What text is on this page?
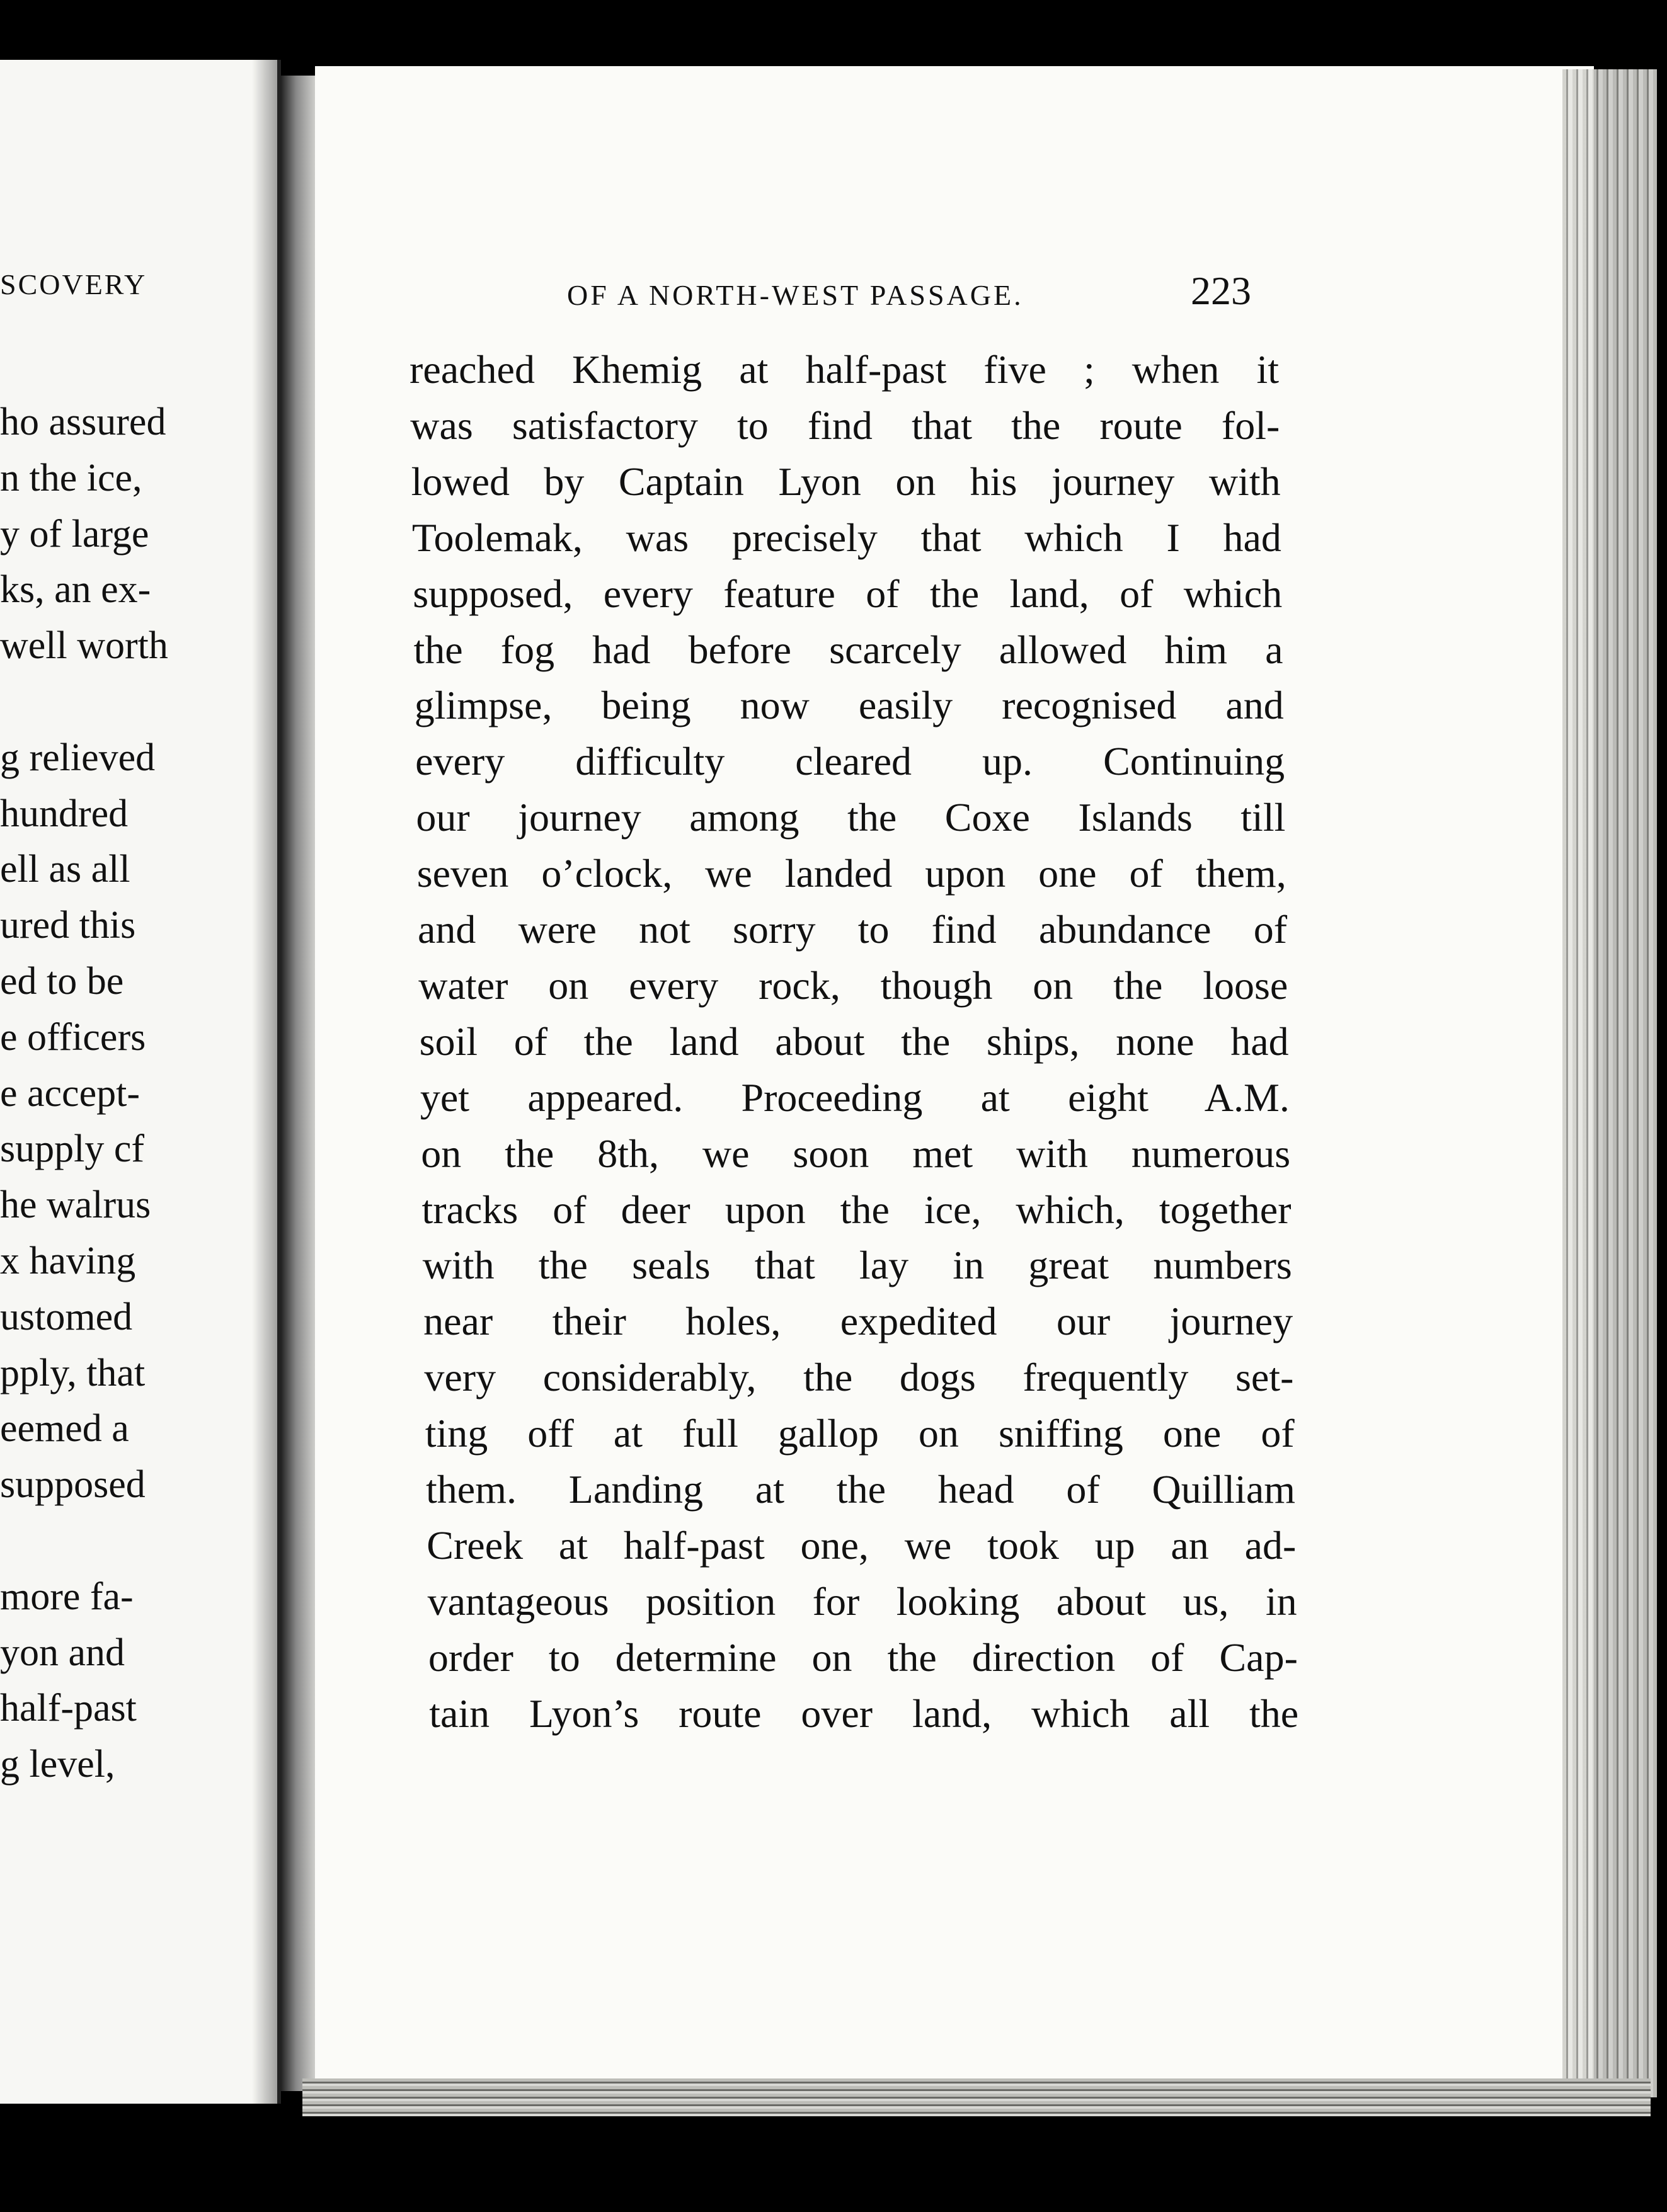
SCOVERY
ho assured
n the ice,
y of large
ks, an ex-
well worth
g relieved
hundred
ell as all
ured this
ed to be
e officers
e accept-
supply cf
he walrus
x having
ustomed
pply, that
eemed a
supposed
more fa-
yon and
half-past
g level,
OF A NORTH-WEST PASSAGE.	223
reached Khemig at half-past five ; when it
was satisfactory to find that the route fol-
lowed by Captain Lyon on his journey with
Toolemak, was precisely that which I had
supposed, every feature of the land, of which
the fog had before scarcely allowed him a
glimpse, being now easily recognised and
every difficulty cleared up. Continuing
our journey among the Coxe Islands till
seven o’clock, we landed upon one of them,
and were not sorry to find abundance of
water on every rock, though on the loose
soil of the land about the ships, none had
yet appeared. Proceeding at eight A.M.
on the 8th, we soon met with numerous
tracks of deer upon the ice, which, together
with the seals that lay in great numbers
near their holes, expedited our journey
very considerably, the dogs frequently set-
ting off at full gallop on sniffing one of
them. Landing at the head of Quilliam
Creek at half-past one, we took up an ad-
vantageous position for looking about us, in
order to determine on the direction of Cap-
tain Lyon’s route over land, which all the
